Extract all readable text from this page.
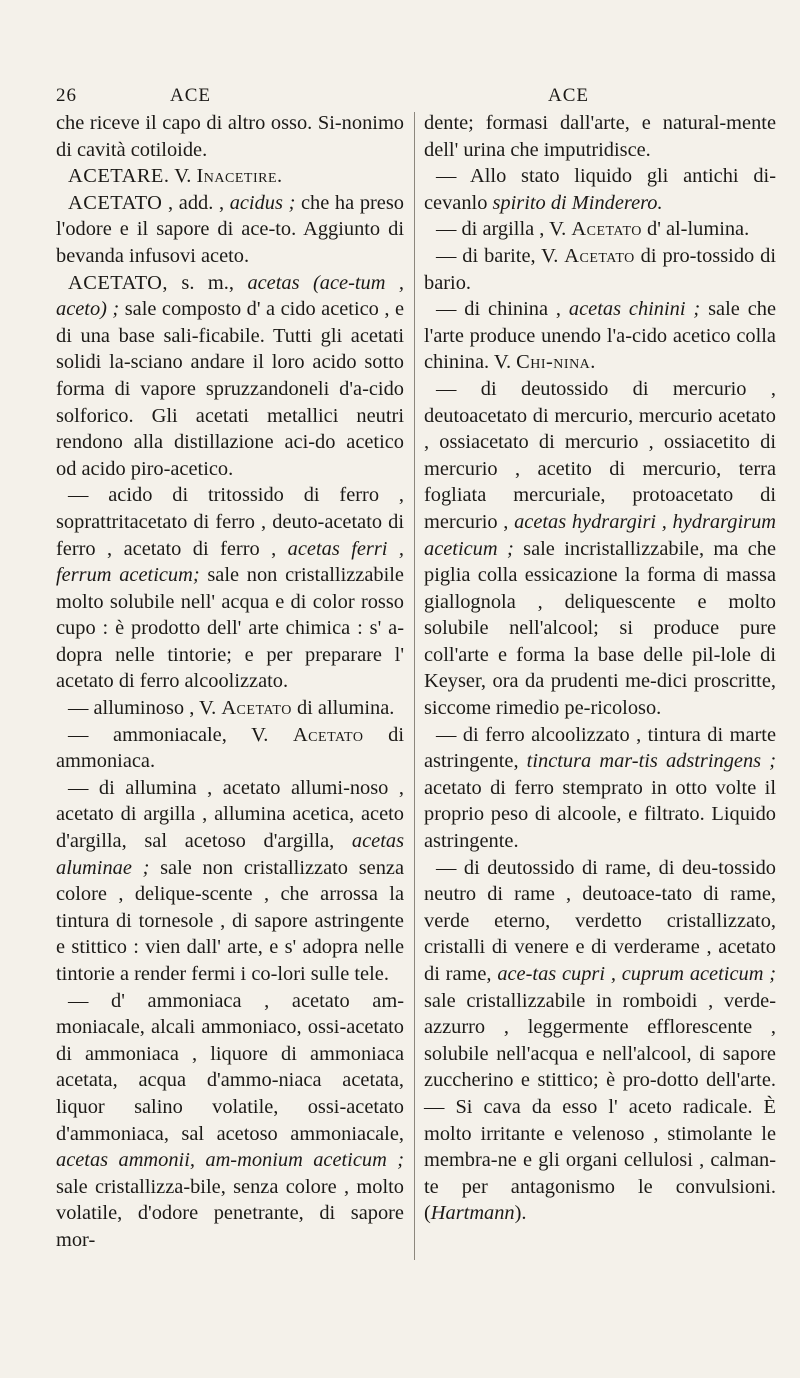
26	ACE	ACE

che riceve il capo di altro osso. Si-nonimo di cavità cotiloide.

ACETARE. V. Inacetire.

ACETATO , add. , acidus ; che ha preso l'odore e il sapore di ace-to. Aggiunto di bevanda infusovi aceto.

ACETATO, s. m., acetas (ace-tum , aceto) ; sale composto d' a cido acetico , e di una base sali-ficabile. Tutti gli acetati solidi la-sciano andare il loro acido sotto forma di vapore spruzzandoneli d'a-cido solforico. Gli acetati metallici neutri rendono alla distillazione aci-do acetico od acido piro-acetico.

— acido di tritossido di ferro , soprattritacetato di ferro , deuto-acetato di ferro , acetato di ferro , acetas ferri , ferrum aceticum; sale non cristallizzabile molto solubile nell' acqua e di color rosso cupo : è prodotto dell' arte chimica : s' a-dopra nelle tintorie; e per preparare l' acetato di ferro alcoolizzato.

— alluminoso , V. Acetato di allumina.

— ammoniacale, V. Acetato di ammoniaca.

— di allumina , acetato allumi-noso , acetato di argilla , allumina acetica, aceto d'argilla, sal acetoso d'argilla, acetas aluminae ; sale non cristallizzato senza colore , delique-scente , che arrossa la tintura di tornesole , di sapore astringente e stittico : vien dall' arte, e s' adopra nelle tintorie a render fermi i co-lori sulle tele.

— d' ammoniaca , acetato am-moniacale, alcali ammoniaco, ossi-acetato di ammoniaca , liquore di ammoniaca acetata, acqua d'ammo-niaca acetata, liquor salino volatile, ossi-acetato d'ammoniaca, sal acetoso ammoniacale, acetas ammonii, am-monium aceticum ; sale cristallizza-bile, senza colore , molto volatile, d'odore penetrante, di sapore mor-

dente; formasi dall'arte, e natural-mente dell' urina che imputridisce.

— Allo stato liquido gli antichi di-cevanlo spirito di Minderero.

— di argilla , V. Acetato d' al-lumina.

— di barite, V. Acetato di pro-tossido di bario.

— di chinina , acetas chinini ; sale che l'arte produce unendo l'a-cido acetico colla chinina. V. Chi-nina.

— di deutossido di mercurio , deutoacetato di mercurio, mercurio acetato , ossiacetato di mercurio , ossiacetito di mercurio , acetito di mercurio, terra fogliata mercuriale, protoacetato di mercurio , acetas hydrargiri , hydrargirum aceticum ; sale incristallizzabile, ma che piglia colla essicazione la forma di massa giallognola , deliquescente e molto solubile nell'alcool; si produce pure coll'arte e forma la base delle pil-lole di Keyser, ora da prudenti me-dici proscritte, siccome rimedio pe-ricoloso.

— di ferro alcoolizzato , tintura di marte astringente, tinctura mar-tis adstringens ; acetato di ferro stemprato in otto volte il proprio peso di alcoole, e filtrato. Liquido astringente.

— di deutossido di rame, di deu-tossido neutro di rame , deutoace-tato di rame, verde eterno, verdetto cristallizzato, cristalli di venere e di verderame , acetato di rame, ace-tas cupri , cuprum aceticum ; sale cristallizzabile in romboidi , verde-azzurro , leggermente efflorescente , solubile nell'acqua e nell'alcool, di sapore zuccherino e stittico; è pro-dotto dell'arte. — Si cava da esso l' aceto radicale. È molto irritante e velenoso , stimolante le membra-ne e gli organi cellulosi , calman-te per antagonismo le convulsioni. (Hartmann).
